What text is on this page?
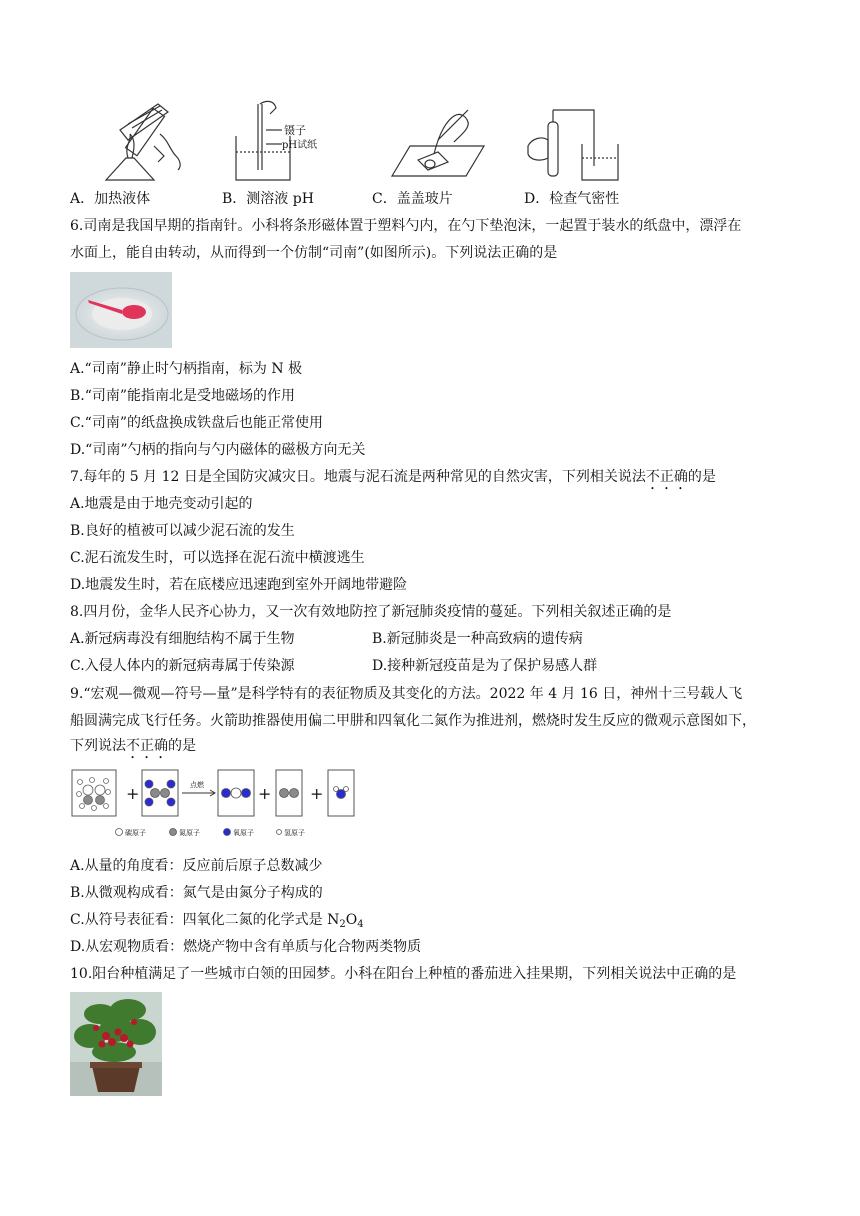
镊子
pH试纸
A．加热液体	B．测溶液 pH	C．盖盖玻片	D．检查气密性
6.司南是我国早期的指南针。小科将条形磁体置于塑料勺内，在勺下垫泡沫，一起置于装水的纸盘中，漂浮在
水面上，能自由转动，从而得到一个仿制“司南”(如图所示)。下列说法正确的是
A.“司南”静止时勺柄指南，标为 N 极
B.“司南”能指南北是受地磁场的作用
C.“司南”的纸盘换成铁盘后也能正常使用
D.“司南”勺柄的指向与勺内磁体的磁极方向无关
7.每年的 5 月 12 日是全国防灾减灾日。地震与泥石流是两种常见的自然灾害，下列相关说法不正确的是
A.地震是由于地壳变动引起的
B.良好的植被可以减少泥石流的发生
C.泥石流发生时，可以选择在泥石流中横渡逃生
D.地震发生时，若在底楼应迅速跑到室外开阔地带避险
8.四月份，金华人民齐心协力，又一次有效地防控了新冠肺炎疫情的蔓延。下列相关叙述正确的是
A.新冠病毒没有细胞结构不属于生物	B.新冠肺炎是一种高致病的遗传病
C.入侵人体内的新冠病毒属于传染源	D.接种新冠疫苗是为了保护易感人群
9.“宏观—微观—符号—量”是科学特有的表征物质及其变化的方法。2022 年 4 月 16 日，神州十三号载人飞
船圆满完成飞行任务。火箭助推器使用偏二甲肼和四氧化二氮作为推进剂，燃烧时发生反应的微观示意图如下，
下列说法不正确的是
+	点燃	+ +
碳原子	氮原子	氧原子	氢原子
A.从量的角度看：反应前后原子总数减少
B.从微观构成看：氮气是由氮分子构成的
C.从符号表征看：四氧化二氮的化学式是 $N_2O_4$
D.从宏观物质看：燃烧产物中含有单质与化合物两类物质
10.阳台种植满足了一些城市白领的田园梦。小科在阳台上种植的番茄进入挂果期，下列相关说法中正确的是
